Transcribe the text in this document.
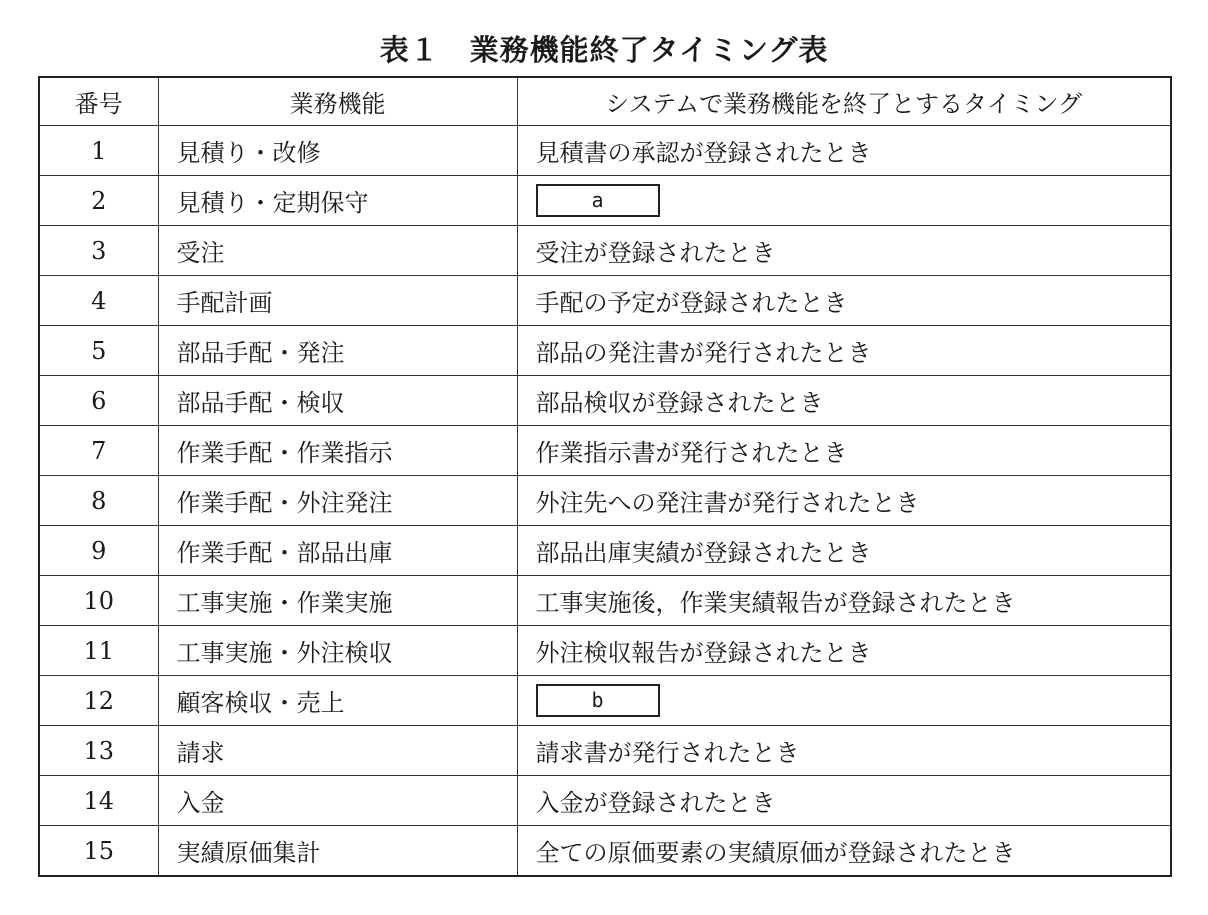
表１　業務機能終了タイミング表
番号	業務機能	システムで業務機能を終了とするタイミング
1	見積り・改修	見積書の承認が登録されたとき
2	見積り・定期保守	a
3	受注	受注が登録されたとき
4	手配計画	手配の予定が登録されたとき
5	部品手配・発注	部品の発注書が発行されたとき
6	部品手配・検収	部品検収が登録されたとき
7	作業手配・作業指示	作業指示書が発行されたとき
8	作業手配・外注発注	外注先への発注書が発行されたとき
9	作業手配・部品出庫	部品出庫実績が登録されたとき
10	工事実施・作業実施	工事実施後，作業実績報告が登録されたとき
11	工事実施・外注検収	外注検収報告が登録されたとき
12	顧客検収・売上	b
13	請求	請求書が発行されたとき
14	入金	入金が登録されたとき
15	実績原価集計	全ての原価要素の実績原価が登録されたとき
